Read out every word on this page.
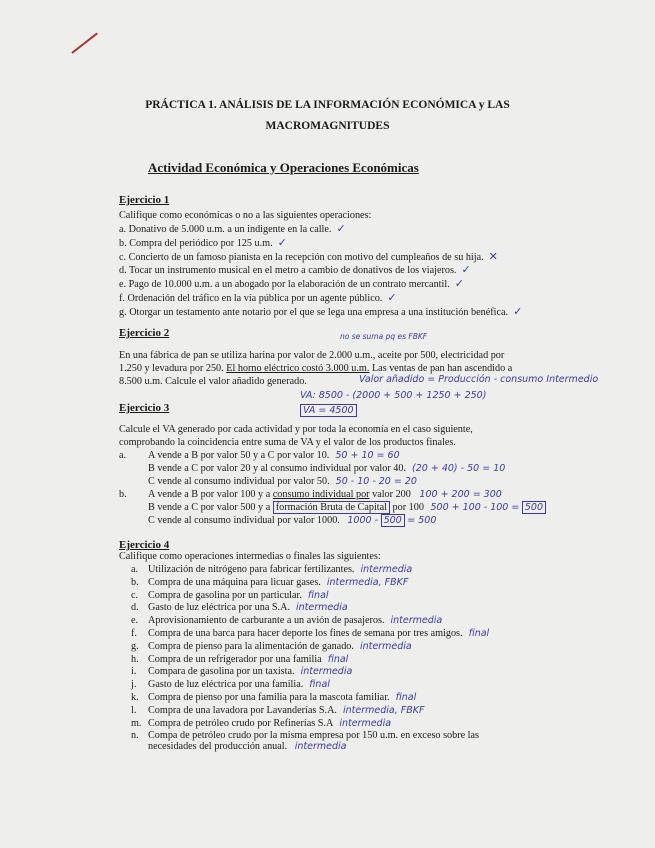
PRÁCTICA 1. ANÁLISIS DE LA INFORMACIÓN ECONÓMICA y LAS
MACROMAGNITUDES
Actividad Económica y Operaciones Económicas
Ejercicio 1
Califique como económicas o no a las siguientes operaciones:
a. Donativo de 5.000 u.m. a un indigente en la calle. ✓
b. Compra del periódico por 125 u.m. ✓
c. Concierto de un famoso pianista en la recepción con motivo del cumpleaños de su hija. ✕
d. Tocar un instrumento musical en el metro a cambio de donativos de los viajeros. ✓
e. Pago de 10.000 u.m. a un abogado por la elaboración de un contrato mercantil. ✓
f. Ordenación del tráfico en la vía pública por un agente público. ✓
g. Otorgar un testamento ante notario por el que se lega una empresa a una institución benéfica. ✓
Ejercicio 2	no se suma pq es FBKF
En una fábrica de pan se utiliza harina por valor de 2.000 u.m., aceite por 500, electricidad por
1.250 y levadura por 250. El horno eléctrico costó 3.000 u.m. Las ventas de pan han ascendido a
8.500 u.m. Calcule el valor añadido generado.	Valor añadido = Producción - consumo Intermedio
VA: 8500 - (2000 + 500 + 1250 + 250)
VA = 4500
Ejercicio 3
Calcule el VA generado por cada actividad y por toda la economía en el caso siguiente,
comprobando la coincidencia entre suma de VA y el valor de los productos finales.
a. A vende a B por valor 50 y a C por valor 10. 50 + 10 = 60
B vende a C por valor 20 y al consumo individual por valor 40. (20 + 40) - 50 = 10
C vende al consumo individual por valor 50. 50 - 10 - 20 = 20
b. A vende a B por valor 100 y a consumo individual por valor 200 100 + 200 = 300
B vende a C por valor 500 y a formación Bruta de Capital por 100 500 + 100 - 100 = 500
C vende al consumo individual por valor 1000. 1000 - 500 = 500
Ejercicio 4
Califique como operaciones intermedias o finales las siguientes:
a. Utilización de nitrógeno para fabricar fertilizantes. intermedia
b. Compra de una máquina para licuar gases. intermedia, FBKF
c. Compra de gasolina por un particular. final
d. Gasto de luz eléctrica por una S.A. intermedia
e. Aprovisionamiento de carburante a un avión de pasajeros. intermedia
f. Compra de una barca para hacer deporte los fines de semana por tres amigos. final
g. Compra de pienso para la alimentación de ganado. intermedia
h. Compra de un refrigerador por una familia final
i. Compara de gasolina por un taxista. intermedia
j. Gasto de luz eléctrica por una familia. final
k. Compra de pienso por una familia para la mascota familiar. final
l. Compra de una lavadora por Lavanderías S.A. intermedia, FBKF
m. Compra de petróleo crudo por Refinerías S.A intermedia
n. Compa de petróleo crudo por la misma empresa por 150 u.m. en exceso sobre las
necesidades del producción anual. intermedia
